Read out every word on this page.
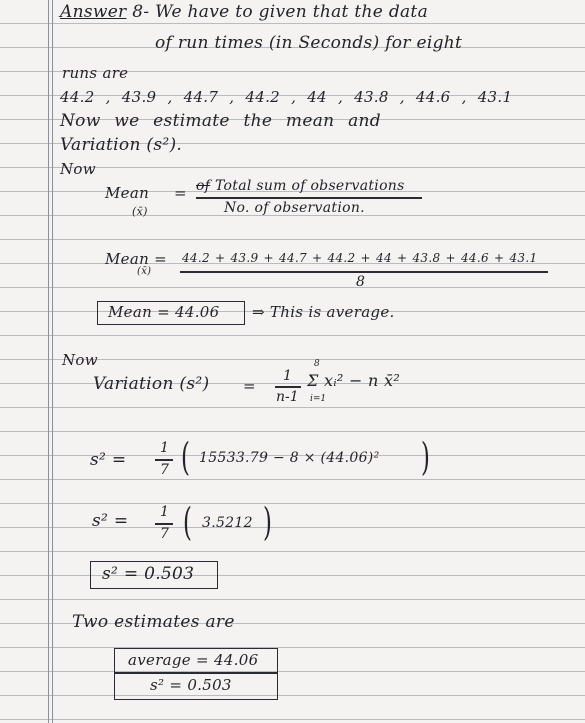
Answer 8- We have to given that the data
of run times (in Seconds) for eight
runs are
44.2 , 43.9 , 44.7 , 44.2 , 44 , 43.8 , 44.6 , 43.1
Now we estimate the mean and
Variation (s²).
Now
Mean
(x̄)
= of Total sum of observations
No. of observation.
Mean =
(x̄)
44.2 + 43.9 + 44.7 + 44.2 + 44 + 43.8 + 44.6 + 43.1
8
Mean = 44.06 ⇒ This is average.
Now
Variation (s²) =
1
n-1
8
i=1
Σ xᵢ² − n x̄²
s² =
1
7 ( 15533.79 − 8 × (44.06)² )
s² = 1
7 ( 3.5212 )
s² = 0.503
Two estimates are
average = 44.06
s² = 0.503
